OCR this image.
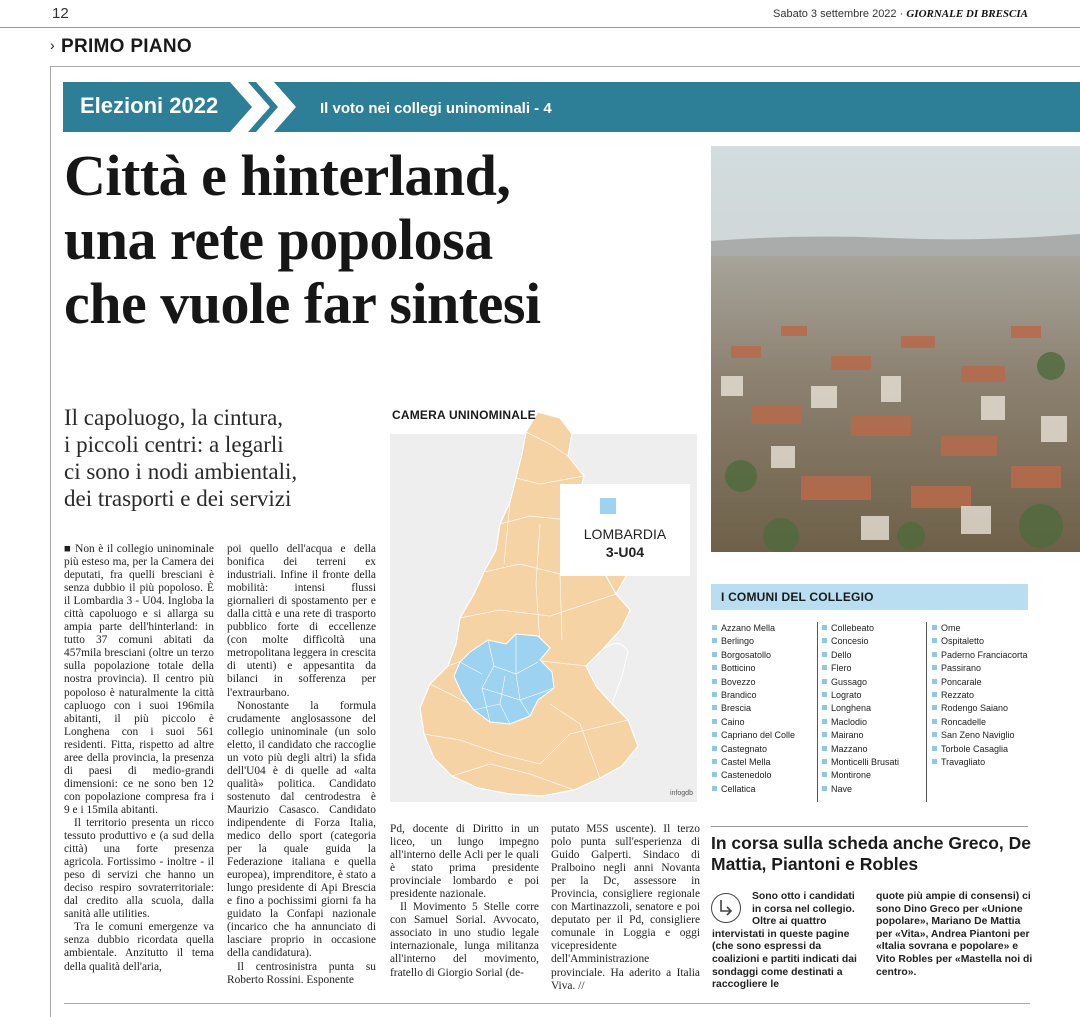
12	Sabato 3 settembre 2022 · GIORNALE DI BRESCIA
› PRIMO PIANO
Elezioni 2022	Il voto nei collegi uninominali - 4
Città e hinterland,
una rete popolosa
che vuole far sintesi
Il capoluogo, la cintura,
i piccoli centri: a legarli
ci sono i nodi ambientali,
dei trasporti e dei servizi
CAMERA UNINOMINALE
LOMBARDIA
3-U04
infogdb

■ Non è il collegio uninominale più esteso ma, per la Camera dei deputati, fra quelli bresciani è senza dubbio il più popoloso. È il Lombardia 3 - U04. Ingloba la città capoluogo e si allarga su ampia parte dell'hinterland: in tutto 37 comuni abitati da 457mila bresciani (oltre un terzo sulla popolazione totale della nostra provincia). Il centro più popoloso è naturalmente la città capluogo con i suoi 196mila abitanti, il più piccolo è Longhena con i suoi 561 residenti. Fitta, rispetto ad altre aree della provincia, la presenza di paesi di medio-grandi dimensioni: ce ne sono ben 12 con popolazione compresa fra i 9 e i 15mila abitanti.

Il territorio presenta un ricco tessuto produttivo e (a sud della città) una forte presenza agricola. Fortissimo - inoltre - il peso di servizi che hanno un deciso respiro sovraterritoriale: dal credito alla scuola, dalla sanità alle utilities.

Tra le comuni emergenze va senza dubbio ricordata quella ambientale. Anzitutto il tema della qualità dell'aria,

poi quello dell'acqua e della bonifica dei terreni ex industriali. Infine il fronte della mobilità: intensi flussi giornalieri di spostamento per e dalla città e una rete di trasporto pubblico forte di eccellenze (con molte difficoltà una metropolitana leggera in crescita di utenti) e appesantita da bilanci in sofferenza per l'extraurbano.

Nonostante la formula crudamente anglosassone del collegio uninominale (un solo eletto, il candidato che raccoglie un voto più degli altri) la sfida dell'U04 è di quelle ad «alta qualità» politica. Candidato sostenuto dal centrodestra è Maurizio Casasco. Candidato indipendente di Forza Italia, medico dello sport (categoria per la quale guida la Federazione italiana e quella europea), imprenditore, è stato a lungo presidente di Api Brescia e fino a pochissimi giorni fa ha guidato la Confapi nazionale (incarico che ha annunciato di lasciare proprio in occasione della candidatura).

Il centrosinistra punta su Roberto Rossini. Esponente

Pd, docente di Diritto in un liceo, un lungo impegno all'interno delle Acli per le quali è stato prima presidente provinciale lombardo e poi presidente nazionale.

Il Movimento 5 Stelle corre con Samuel Sorial. Avvocato, associato in uno studio legale internazionale, lunga militanza all'interno del movimento, fratello di Giorgio Sorial (de-

putato M5S uscente). Il terzo polo punta sull'esperienza di Guido Galperti. Sindaco di Pralboino negli anni Novanta per la Dc, assessore in Provincia, consigliere regionale con Martinazzoli, senatore e poi deputato per il Pd, consigliere comunale in Loggia e oggi vicepresidente dell'Amministrazione provinciale. Ha aderito a Italia Viva. //

I COMUNI DEL COLLEGIO
Azzano Mella
Berlingo
Borgosatollo
Botticino
Bovezzo
Brandico
Brescia
Caino
Capriano del Colle
Castegnato
Castel Mella
Castenedolo
Cellatica
Collebeato
Concesio
Dello
Flero
Gussago
Lograto
Longhena
Maclodio
Mairano
Mazzano
Monticelli Brusati
Montirone
Nave
Ome
Ospitaletto
Paderno Franciacorta
Passirano
Poncarale
Rezzato
Rodengo Saiano
Roncadelle
San Zeno Naviglio
Torbole Casaglia
Travagliato
In corsa sulla scheda anche Greco, De Mattia, Piantoni e Robles
Sono otto i candidati in corsa nel collegio. Oltre ai quattro
intervistati in queste pagine (che sono espressi da coalizioni e partiti indicati dai sondaggi come destinati a raccogliere le
quote più ampie di consensi) ci sono Dino Greco per «Unione popolare», Mariano De Mattia per «Vita», Andrea Piantoni per «Italia sovrana e popolare» e Vito Robles per «Mastella noi di centro».
